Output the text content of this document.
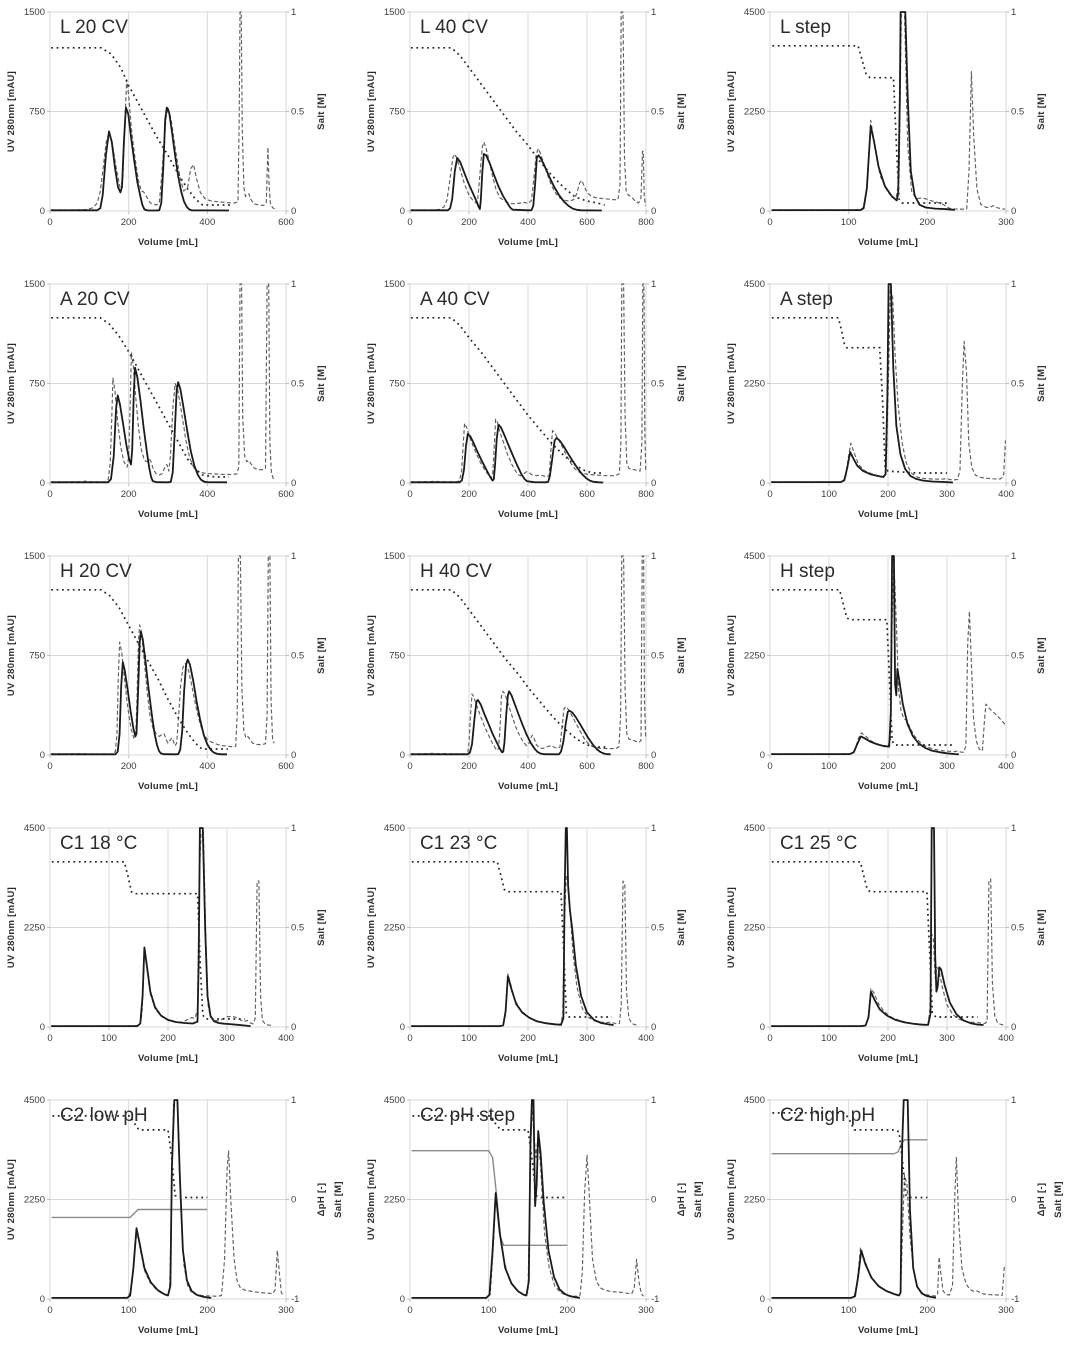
0	200	400	600
0
750
1500
0
0.5
1
L 20 CV
Volume [mL]
UV 280nm [mAU]	Salt [M]
0	200	400	600	800
0
750
1500
0
0.5
1
L 40 CV
Volume [mL]
UV 280nm [mAU]	Salt [M]
0	100	200	300
0
2250
4500
0
0.5
1
L step
Volume [mL]
UV 280nm [mAU]	Salt [M]
0	200	400	600
0
750
1500
0
0.5
1
A 20 CV
Volume [mL]
UV 280nm [mAU]	Salt [M]
0	200	400	600	800
0
750
1500
0
0.5
1
A 40 CV
Volume [mL]
UV 280nm [mAU]	Salt [M]
0	100	200	300	400
0
2250
4500
0
0.5
1
A step
Volume [mL]
UV 280nm [mAU]	Salt [M]
0	200	400	600
0
750
1500
0
0.5
1
H 20 CV
Volume [mL]
UV 280nm [mAU]	Salt [M]
0	200	400	600	800
0
750
1500
0
0.5
1
H 40 CV
Volume [mL]
UV 280nm [mAU]	Salt [M]
0	100	200	300	400
0
2250
4500
0
0.5
1
H step
Volume [mL]
UV 280nm [mAU]	Salt [M]
0	100	200	300	400
0
2250
4500
0
0.5
1
C1 18 °C
Volume [mL]
UV 280nm [mAU]	Salt [M]
0	100	200	300	400
0
2250
4500
0
0.5
1
C1 23 °C
Volume [mL]
UV 280nm [mAU]	Salt [M]
0	100	200	300	400
0
2250
4500
0
0.5
1
C1 25 °C
Volume [mL]
UV 280nm [mAU]	Salt [M]
0	100	200	300
0
2250
4500
-1
0
1
C2 low pH
Volume [mL]
UV 280nm [mAU]	ΔpH [-] Salt [M]
0	100	200	300
0
2250
4500
-1
0
1
C2 pH step
Volume [mL]
UV 280nm [mAU]	ΔpH [-] Salt [M]
0	100	200	300
0
2250
4500
-1
0
1
C2 high pH
Volume [mL]
UV 280nm [mAU]	ΔpH [-] Salt [M]
